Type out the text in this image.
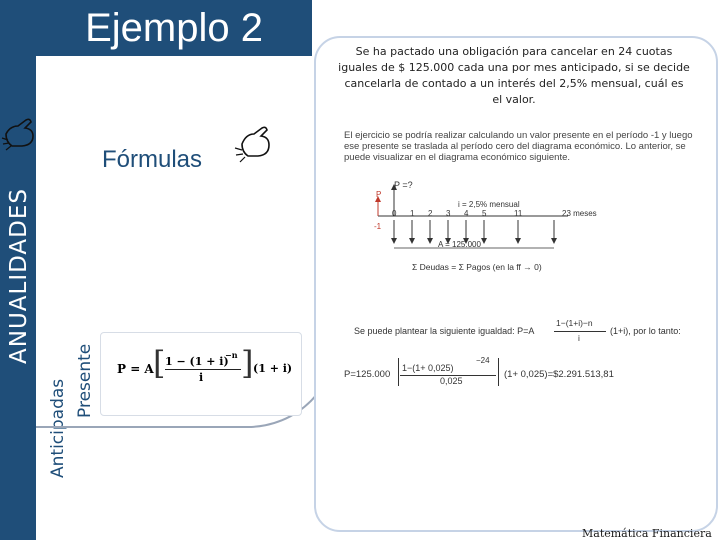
Ejemplo 2
ANUALIDADES
Anticipadas Presente
Fórmulas
P = A [ 1 − (1 + i)
−n
i ] (1 + i)
Se ha pactado una obligación para cancelar en 24 cuotas iguales de $ 125.000 cada una por mes anticipado, si se decide cancelarla de contado a un interés del 2,5% mensual, cuál es el valor.
El ejercicio se podría realizar calculando un valor presente en el período -1 y luego ese presente se traslada al período cero del diagrama económico. Lo anterior, se puede visualizar en el diagrama económico siguiente.
P =?
P
i = 2,5% mensual
0 1 2 3 4 5	11
-1
23 meses
A = 125.000
Σ Deudas = Σ Pagos (en la ff → 0)
Se puede plantear la siguiente igualdad: P=A
1−(1+i)−n
i
(1+i), por lo tanto:
P=125.000
1−(1+ 0,025)
−24
0,025
(1+ 0,025)=$2.291.513,81
Matemática Financiera
